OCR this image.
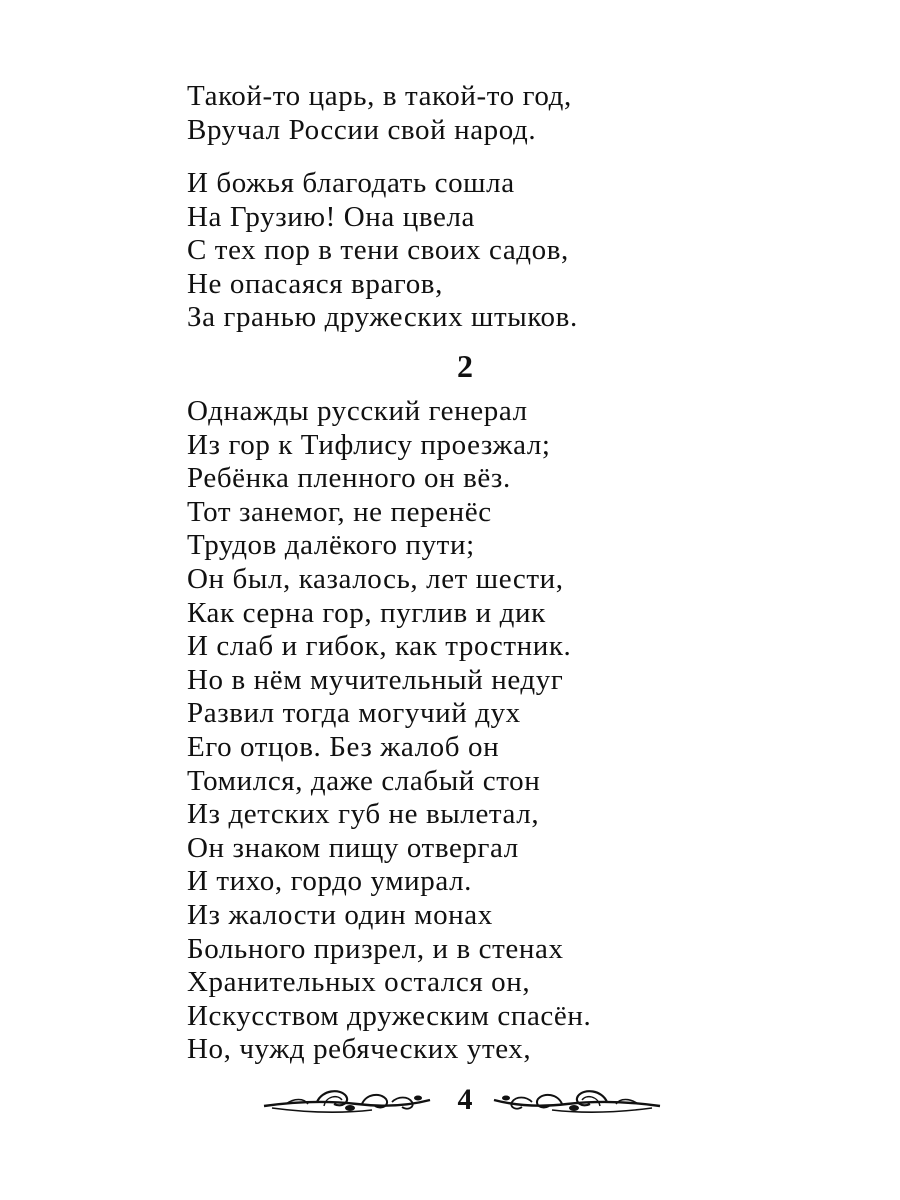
Такой-то царь, в такой-то год,
Вручал России свой народ.
И божья благодать сошла
На Грузию! Она цвела
С тех пор в тени своих садов,
Не опасаяся врагов,
За гранью дружеских штыков.
2
Однажды русский генерал
Из гор к Тифлису проезжал;
Ребёнка пленного он вёз.
Тот занемог, не перенёс
Трудов далёкого пути;
Он был, казалось, лет шести,
Как серна гор, пуглив и дик
И слаб и гибок, как тростник.
Но в нём мучительный недуг
Развил тогда могучий дух
Его отцов. Без жалоб он
Томился, даже слабый стон
Из детских губ не вылетал,
Он знаком пищу отвергал
И тихо, гордо умирал.
Из жалости один монах
Больного призрел, и в стенах
Хранительных остался он,
Искусством дружеским спасён.
Но, чужд ребяческих утех,
4
